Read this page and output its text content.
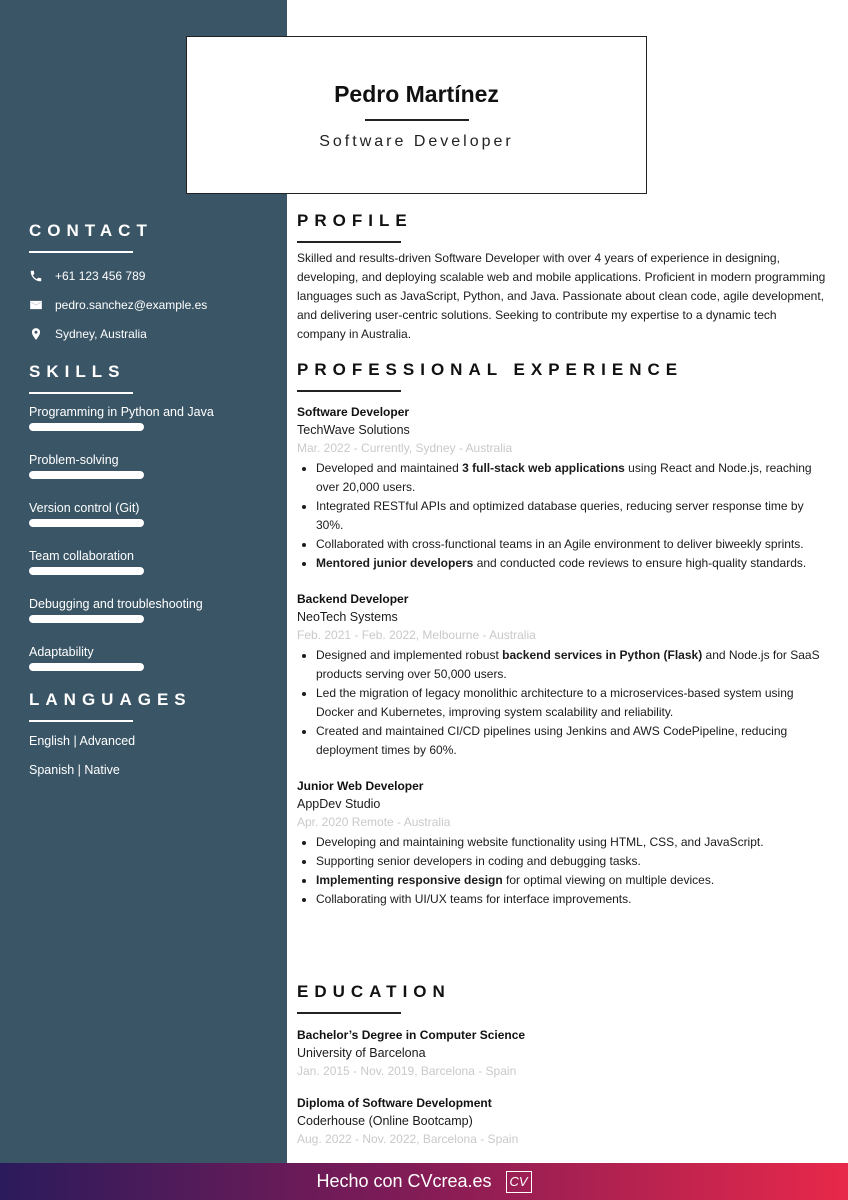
Pedro Martínez
Software Developer
CONTACT
+61 123 456 789
pedro.sanchez@example.es
Sydney, Australia
SKILLS
Programming in Python and Java
Problem-solving
Version control (Git)
Team collaboration
Debugging and troubleshooting
Adaptability
LANGUAGES
English | Advanced
Spanish | Native
PROFILE
Skilled and results-driven Software Developer with over 4 years of experience in designing, developing, and deploying scalable web and mobile applications. Proficient in modern programming languages such as JavaScript, Python, and Java. Passionate about clean code, agile development, and delivering user-centric solutions. Seeking to contribute my expertise to a dynamic tech company in Australia.
PROFESSIONAL EXPERIENCE
Software Developer
TechWave Solutions
Mar. 2022 - Currently, Sydney - Australia
Developed and maintained 3 full-stack web applications using React and Node.js, reaching over 20,000 users.
Integrated RESTful APIs and optimized database queries, reducing server response time by 30%.
Collaborated with cross-functional teams in an Agile environment to deliver biweekly sprints.
Mentored junior developers and conducted code reviews to ensure high-quality standards.
Backend Developer
NeoTech Systems
Feb. 2021 - Feb. 2022, Melbourne - Australia
Designed and implemented robust backend services in Python (Flask) and Node.js for SaaS products serving over 50,000 users.
Led the migration of legacy monolithic architecture to a microservices-based system using Docker and Kubernetes, improving system scalability and reliability.
Created and maintained CI/CD pipelines using Jenkins and AWS CodePipeline, reducing deployment times by 60%.
Junior Web Developer
AppDev Studio
Apr. 2020 Remote - Australia
Developing and maintaining website functionality using HTML, CSS, and JavaScript.
Supporting senior developers in coding and debugging tasks.
Implementing responsive design for optimal viewing on multiple devices.
Collaborating with UI/UX teams for interface improvements.
EDUCATION
Bachelor’s Degree in Computer Science
University of Barcelona
Jan. 2015 - Nov. 2019, Barcelona - Spain
Diploma of Software Development
Coderhouse (Online Bootcamp)
Aug. 2022 - Nov. 2022, Barcelona - Spain
Hecho con CVcrea.es	CV
